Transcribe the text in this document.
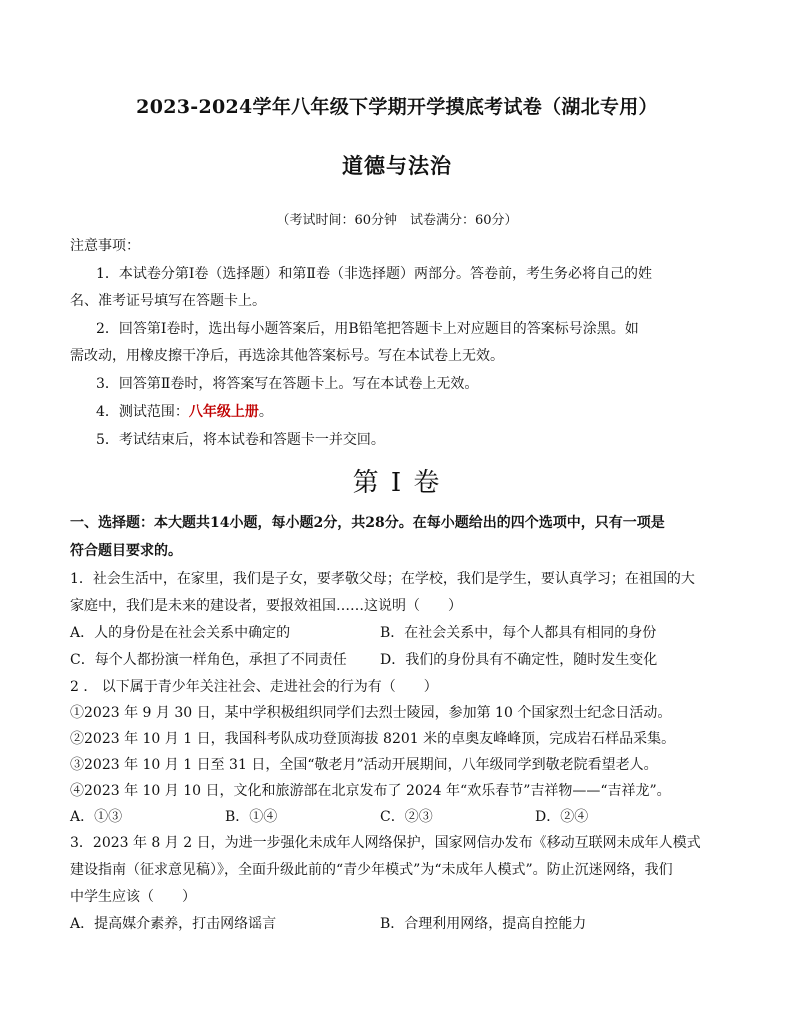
2023-2024学年八年级下学期开学摸底考试卷（湖北专用）
道德与法治
（考试时间：60分钟　试卷满分：60分）
注意事项：
1．本试卷分第Ⅰ卷（选择题）和第Ⅱ卷（非选择题）两部分。答卷前，考生务必将自己的姓
名、准考证号填写在答题卡上。
2．回答第Ⅰ卷时，选出每小题答案后，用B铅笔把答题卡上对应题目的答案标号涂黑。如
需改动，用橡皮擦干净后，再选涂其他答案标号。写在本试卷上无效。
3．回答第Ⅱ卷时，将答案写在答题卡上。写在本试卷上无效。
4．测试范围：八年级上册。
5．考试结束后，将本试卷和答题卡一并交回。
第 I 卷
一、选择题：本大题共14小题，每小题2分，共28分。在每小题给出的四个选项中，只有一项是
符合题目要求的。
1．社会生活中，在家里，我们是子女，要孝敬父母；在学校，我们是学生，要认真学习；在祖国的大
家庭中，我们是未来的建设者，要报效祖国……这说明（　　）
A．人的身份是在社会关系中确定的	B．在社会关系中，每个人都具有相同的身份
C．每个人都扮演一样角色，承担了不同责任	D．我们的身份具有不确定性，随时发生变化
2 ． 以下属于青少年关注社会、走进社会的行为有（　　）
①2023 年 9 月 30 日，某中学积极组织同学们去烈士陵园，参加第 10 个国家烈士纪念日活动。
②2023 年 10 月 1 日，我国科考队成功登顶海拔 8201 米的卓奥友峰峰顶，完成岩石样品采集。
③2023 年 10 月 1 日至 31 日，全国“敬老月”活动开展期间，八年级同学到敬老院看望老人。
④2023 年 10 月 10 日，文化和旅游部在北京发布了 2024 年“欢乐春节”吉祥物——“吉祥龙”。
A．①③	B．①④	C．②③	D．②④
3．2023 年 8 月 2 日，为进一步强化未成年人网络保护，国家网信办发布《移动互联网未成年人模式
建设指南（征求意见稿）》，全面升级此前的“青少年模式”为“未成年人模式”。防止沉迷网络，我们
中学生应该（　　）
A．提高媒介素养，打击网络谣言	B．合理利用网络，提高自控能力
